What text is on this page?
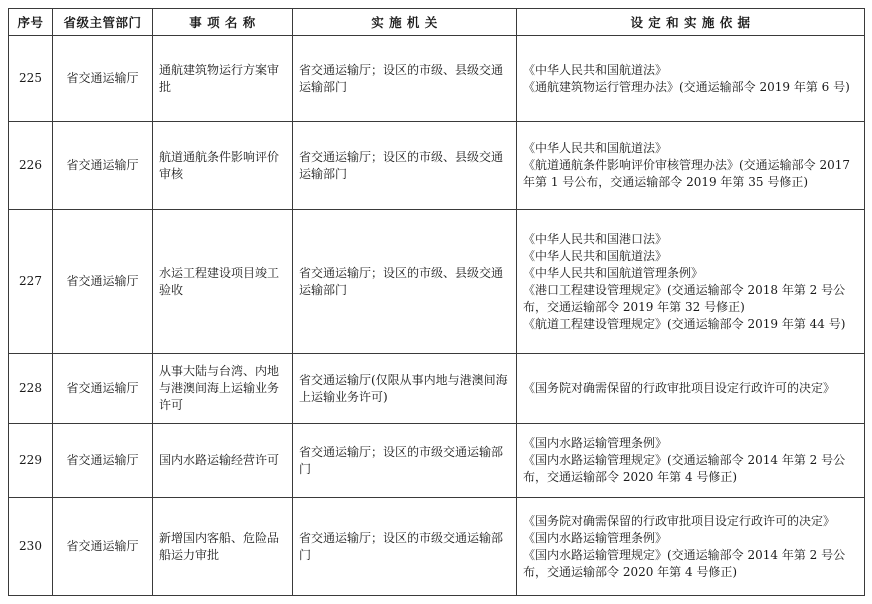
序号	省级主管部门	事 项 名 称	实 施 机 关	设 定 和 实 施 依 据
225	省交通运输厅	通航建筑物运行方案审批	省交通运输厅；设区的市级、县级交通运输部门	《中华人民共和国航道法》
《通航建筑物运行管理办法》(交通运输部令 2019 年第 6 号)

226	省交通运输厅	航道通航条件影响评价审核	省交通运输厅；设区的市级、县级交通运输部门	《中华人民共和国航道法》
《航道通航条件影响评价审核管理办法》(交通运输部令 2017 年第 1 号公布，交通运输部令 2019 年第 35 号修正)

227	省交通运输厅	水运工程建设项目竣工验收	省交通运输厅；设区的市级、县级交通运输部门	《中华人民共和国港口法》
《中华人民共和国航道法》
《中华人民共和国航道管理条例》
《港口工程建设管理规定》(交通运输部令 2018 年第 2 号公布，交通运输部令 2019 年第 32 号修正)
《航道工程建设管理规定》(交通运输部令 2019 年第 44 号)

228	省交通运输厅	从事大陆与台湾、内地与港澳间海上运输业务许可	省交通运输厅(仅限从事内地与港澳间海上运输业务许可)	《国务院对确需保留的行政审批项目设定行政许可的决定》

229	省交通运输厅	国内水路运输经营许可	省交通运输厅；设区的市级交通运输部门	《国内水路运输管理条例》
《国内水路运输管理规定》(交通运输部令 2014 年第 2 号公布，交通运输部令 2020 年第 4 号修正)

230	省交通运输厅	新增国内客船、危险品船运力审批	省交通运输厅；设区的市级交通运输部门	《国务院对确需保留的行政审批项目设定行政许可的决定》
《国内水路运输管理条例》
《国内水路运输管理规定》(交通运输部令 2014 年第 2 号公布，交通运输部令 2020 年第 4 号修正)
